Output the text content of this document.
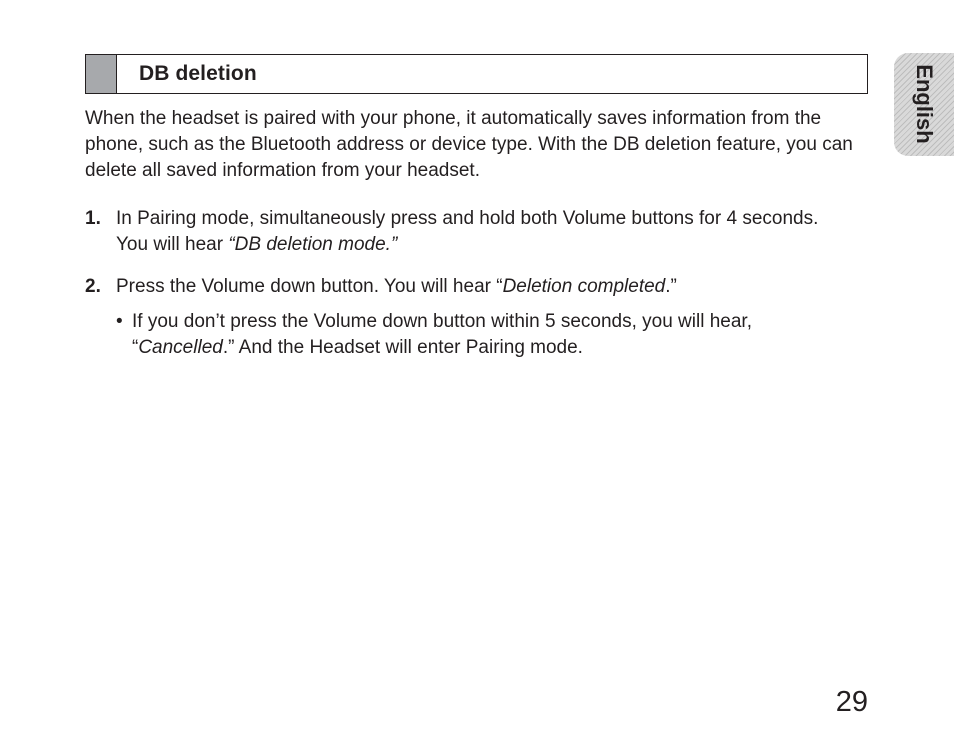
DB deletion

When the headset is paired with your phone, it automatically saves information from the phone, such as the Bluetooth address or device type. With the DB deletion feature, you can delete all saved information from your headset.

1. In Pairing mode, simultaneously press and hold both Volume buttons for 4 seconds. You will hear “DB deletion mode.”
2. Press the Volume down button. You will hear “Deletion completed.”
• If you don’t press the Volume down button within 5 seconds, you will hear, “Cancelled.” And the Headset will enter Pairing mode.
English
29
